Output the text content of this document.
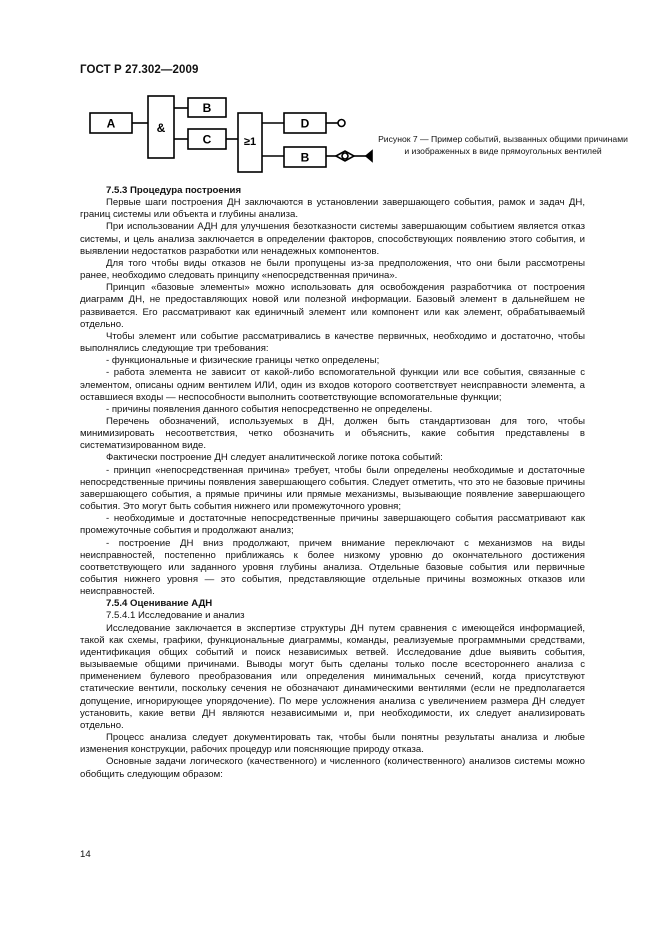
ГОСТ Р 27.302—2009
A	&
B
C	≥1
D
B
Рисунок 7 — Пример событий, вызванных общими причинами и изображенных в виде прямоугольных вентилей

7.5.3 Процедура построения

Первые шаги построения ДН заключаются в установлении завершающего события, рамок и задач ДН, границ системы или объекта и глубины анализа.

При использовании АДН для улучшения безотказности системы завершающим событием является отказ системы, и цель анализа заключается в определении факторов, способствующих появлению этого события, и выявлении недостатков разработки или ненадежных компонентов.

Для того чтобы виды отказов не были пропущены из-за предположения, что они были рассмотрены ранее, необходимо следовать принципу «непосредственная причина».

Принцип «базовые элементы» можно использовать для освобождения разработчика от построения диаграмм ДН, не предоставляющих новой или полезной информации. Базовый элемент в дальнейшем не развивается. Его рассматривают как единичный элемент или компонент или как элемент, обрабатываемый отдельно.

Чтобы элемент или событие рассматривались в качестве первичных, необходимо и достаточно, чтобы выполнялись следующие три требования:

- функциональные и физические границы четко определены;

- работа элемента не зависит от какой-либо вспомогательной функции или все события, связанные с элементом, описаны одним вентилем ИЛИ, один из входов которого соответствует неисправности элемента, а оставшиеся входы — неспособности выполнить соответствующие вспомогательные функции;

- причины появления данного события непосредственно не определены.

Перечень обозначений, используемых в ДН, должен быть стандартизован для того, чтобы минимизировать несоответствия, четко обозначить и объяснить, какие события представлены в систематизированном виде.

Фактически построение ДН следует аналитической логике потока событий:

- принцип «непосредственная причина» требует, чтобы были определены необходимые и достаточные непосредственные причины появления завершающего события. Следует отметить, что это не базовые причины завершающего события, а прямые причины или прямые механизмы, вызывающие появление завершающего события. Это могут быть события нижнего или промежуточного уровня;

- необходимые и достаточные непосредственные причины завершающего события рассматривают как промежуточные события и продолжают анализ;

- построение ДН вниз продолжают, причем внимание переключают с механизмов на виды неисправностей, постепенно приближаясь к более низкому уровню до окончательного достижения соответствующего или заданного уровня глубины анализа. Отдельные базовые события или первичные события нижнего уровня — это события, представляющие отдельные причины возможных отказов или неисправностей.

7.5.4 Оценивание АДН

7.5.4.1 Исследование и анализ

Исследование заключается в экспертизе структуры ДН путем сравнения с имеющейся информацией, такой как схемы, графики, функциональные диаграммы, команды, реализуемые программными средствами, идентификация общих событий и поиск независимых ветвей. Исследование дdue выявить события, вызываемые общими причинами. Выводы могут быть сделаны только после всестороннего анализа с применением булевого преобразования или определения минимальных сечений, когда присутствуют статические вентили, поскольку сечения не обозначают динамическими вентилями (если не предполагается допущение, игнорирующее упорядочение). По мере усложнения анализа с увеличением размера ДН следует установить, какие ветви ДН являются независимыми и, при необходимости, их следует анализировать отдельно.

Процесс анализа следует документировать так, чтобы были понятны результаты анализа и любые изменения конструкции, рабочих процедур или поясняющие природу отказа.

Основные задачи логического (качественного) и численного (количественного) анализов системы можно обобщить следующим образом:

14
